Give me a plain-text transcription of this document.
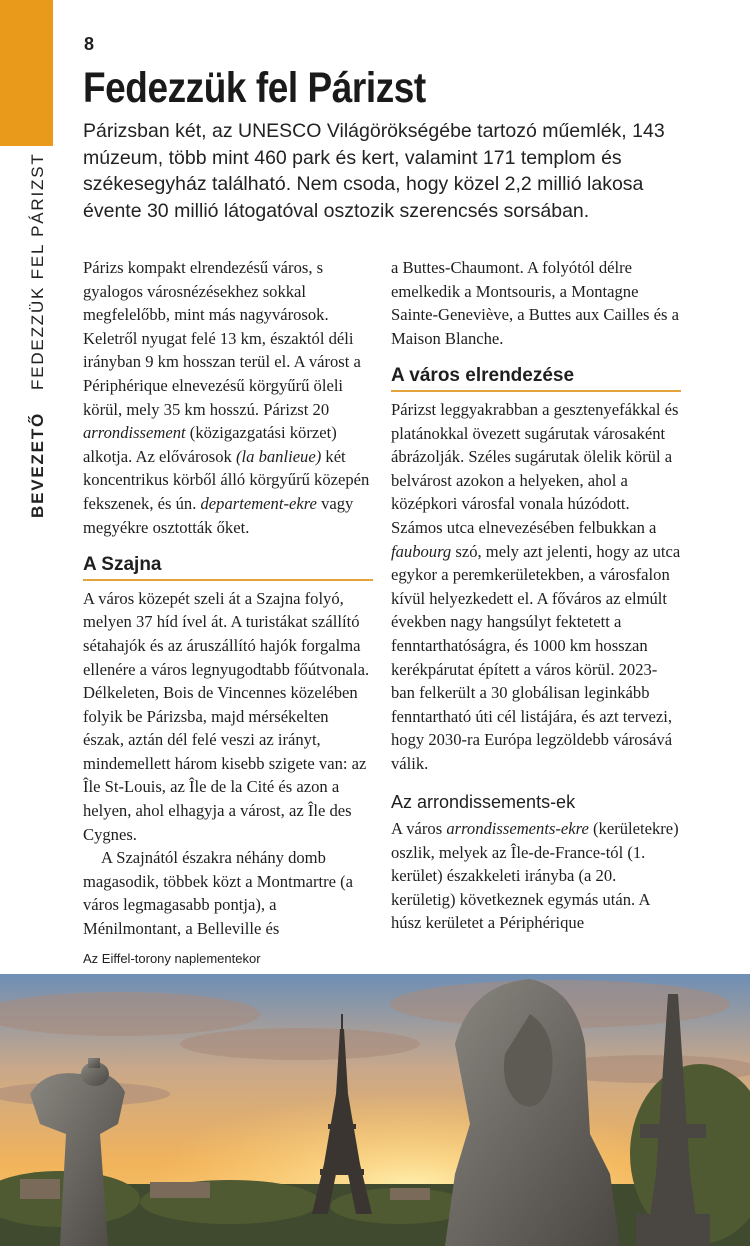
BEVEZETŐFEDEZZÜK FEL PÁRIZST
8
Fedezzük fel Párizst

Párizsban két, az UNESCO Világörökségébe tartozó műemlék, 143 múzeum, több mint 460 park és kert, valamint 171 templom és székesegyház található. Nem csoda, hogy közel 2,2 millió lakosa évente 30 millió látogatóval osztozik szerencsés sorsában.

Párizs kompakt elrendezésű város, s gyalogos városnézésekhez sokkal megfelelőbb, mint más nagyvárosok. Keletről nyugat felé 13 km, északtól déli irányban 9 km hosszan terül el. A várost a Périphérique elnevezésű körgyűrű öleli körül, mely 35 km hosszú. Párizst 20 arrondissement (közigazgatási körzet) alkotja. Az elővárosok (la banlieue) két koncentrikus körből álló körgyűrű közepén fekszenek, és ún. departement-ekre vagy megyékre osztották őket.

A Szajna

A város közepét szeli át a Szajna folyó, melyen 37 híd ível át. A turistákat szállító sétahajók és az áruszállító hajók forgalma ellenére a város legnyugodtabb főútvonala. Délkeleten, Bois de Vincennes közelében folyik be Párizsba, majd mérsékelten észak, aztán dél felé veszi az irányt, mindemellett három kisebb szigete van: az Île St-Louis, az Île de la Cité és azon a helyen, ahol elhagyja a várost, az Île des Cygnes.

A Szajnától északra néhány domb magasodik, többek közt a Montmartre (a város legmagasabb pontja), a Ménilmontant, a Belleville és

a Buttes-Chaumont. A folyótól délre emelkedik a Montsouris, a Montagne Sainte-Geneviève, a Buttes aux Cailles és a Maison Blanche.

A város elrendezése

Párizst leggyakrabban a gesztenyefákkal és platánokkal övezett sugárutak városaként ábrázolják. Széles sugárutak ölelik körül a belvárost azokon a helyeken, ahol a középkori városfal vonala húzódott. Számos utca elnevezésében felbukkan a faubourg szó, mely azt jelenti, hogy az utca egykor a peremkerületekben, a városfalon kívül helyezkedett el. A főváros az elmúlt években nagy hangsúlyt fektetett a fenntarthatóságra, és 1000 km hosszan kerékpárutat épített a város körül. 2023-ban felkerült a 30 globálisan leginkább fenntartható úti cél listájára, és azt tervezi, hogy 2030-ra Európa legzöldebb városává válik.

Az arrondissements-ek

A város arrondissements-ekre (kerületekre) oszlik, melyek az Île-de-France-tól (1. kerület) északkeleti irányba (a 20. kerületig) következnek egymás után. A húsz kerületet a Périphérique

Az Eiffel-torony naplementekor
